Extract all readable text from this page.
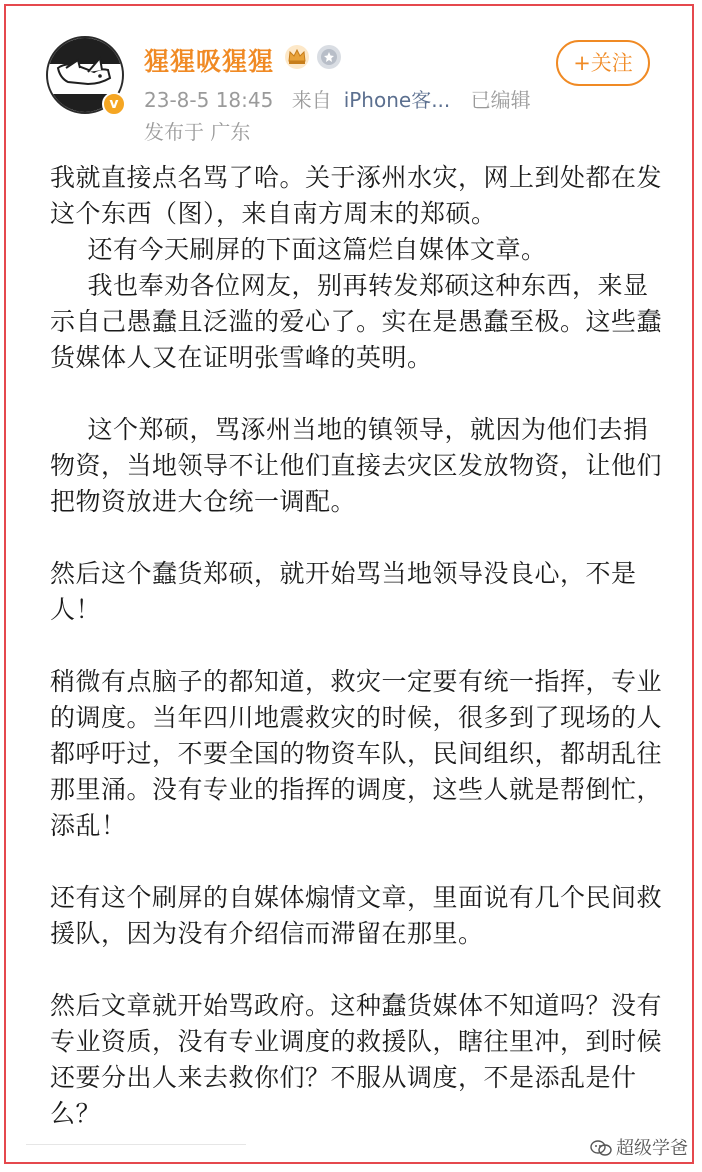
v
猩猩吸猩猩
23-8-5 18:45 来自 iPhone客... 已编辑
发布于 广东
+关注

我就直接点名骂了哈。关于涿州水灾，网上到处都在发这个东西（图），来自南方周末的郑硕。

还有今天刷屏的下面这篇烂自媒体文章。

我也奉劝各位网友，别再转发郑硕这种东西，来显示自己愚蠢且泛滥的爱心了。实在是愚蠢至极。这些蠢货媒体人又在证明张雪峰的英明。

这个郑硕，骂涿州当地的镇领导，就因为他们去捐物资，当地领导不让他们直接去灾区发放物资，让他们把物资放进大仓统一调配。

然后这个蠢货郑硕，就开始骂当地领导没良心，不是人！

稍微有点脑子的都知道，救灾一定要有统一指挥，专业的调度。当年四川地震救灾的时候，很多到了现场的人都呼吁过，不要全国的物资车队，民间组织，都胡乱往那里涌。没有专业的指挥的调度，这些人就是帮倒忙，添乱！

还有这个刷屏的自媒体煽情文章，里面说有几个民间救援队，因为没有介绍信而滞留在那里。

然后文章就开始骂政府。这种蠢货媒体不知道吗？没有专业资质，没有专业调度的救援队，瞎往里冲，到时候还要分出人来去救你们？不服从调度，不是添乱是什么？

超级学爸
